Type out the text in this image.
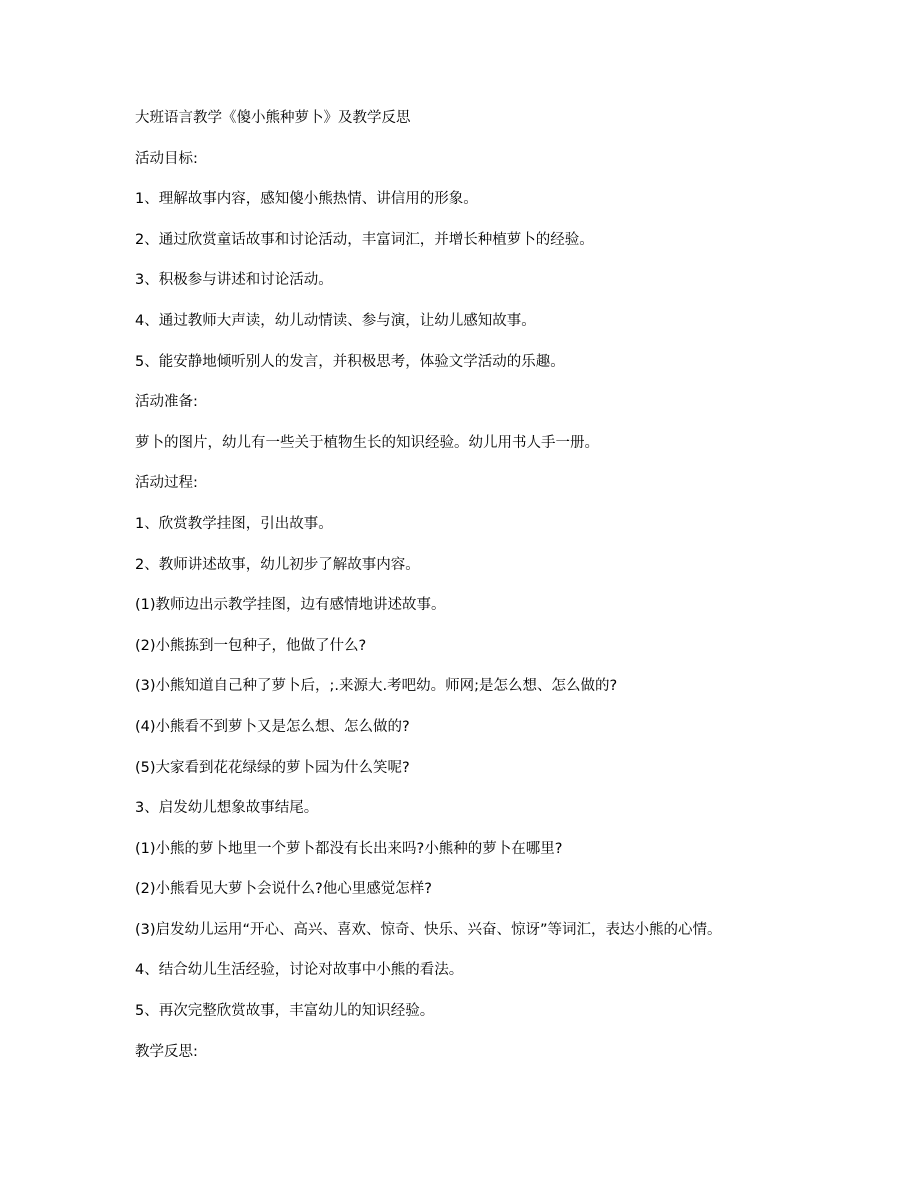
大班语言教学《傻小熊种萝卜》及教学反思
活动目标:
1、理解故事内容，感知傻小熊热情、讲信用的形象。
2、通过欣赏童话故事和讨论活动，丰富词汇，并增长种植萝卜的经验。
3、积极参与讲述和讨论活动。
4、通过教师大声读，幼儿动情读、参与演，让幼儿感知故事。
5、能安静地倾听别人的发言，并积极思考，体验文学活动的乐趣。
活动准备:
萝卜的图片，幼儿有一些关于植物生长的知识经验。幼儿用书人手一册。
活动过程:
1、欣赏教学挂图，引出故事。
2、教师讲述故事，幼儿初步了解故事内容。
(1)教师边出示教学挂图，边有感情地讲述故事。
(2)小熊拣到一包种子，他做了什么?
(3)小熊知道自己种了萝卜后，;.来源大.考吧幼。师网;是怎么想、怎么做的?
(4)小熊看不到萝卜又是怎么想、怎么做的?
(5)大家看到花花绿绿的萝卜园为什么笑呢?
3、启发幼儿想象故事结尾。
(1)小熊的萝卜地里一个萝卜都没有长出来吗?小熊种的萝卜在哪里?
(2)小熊看见大萝卜会说什么?他心里感觉怎样?
(3)启发幼儿运用“开心、高兴、喜欢、惊奇、快乐、兴奋、惊讶”等词汇，表达小熊的心情。
4、结合幼儿生活经验，讨论对故事中小熊的看法。
5、再次完整欣赏故事，丰富幼儿的知识经验。
教学反思:
